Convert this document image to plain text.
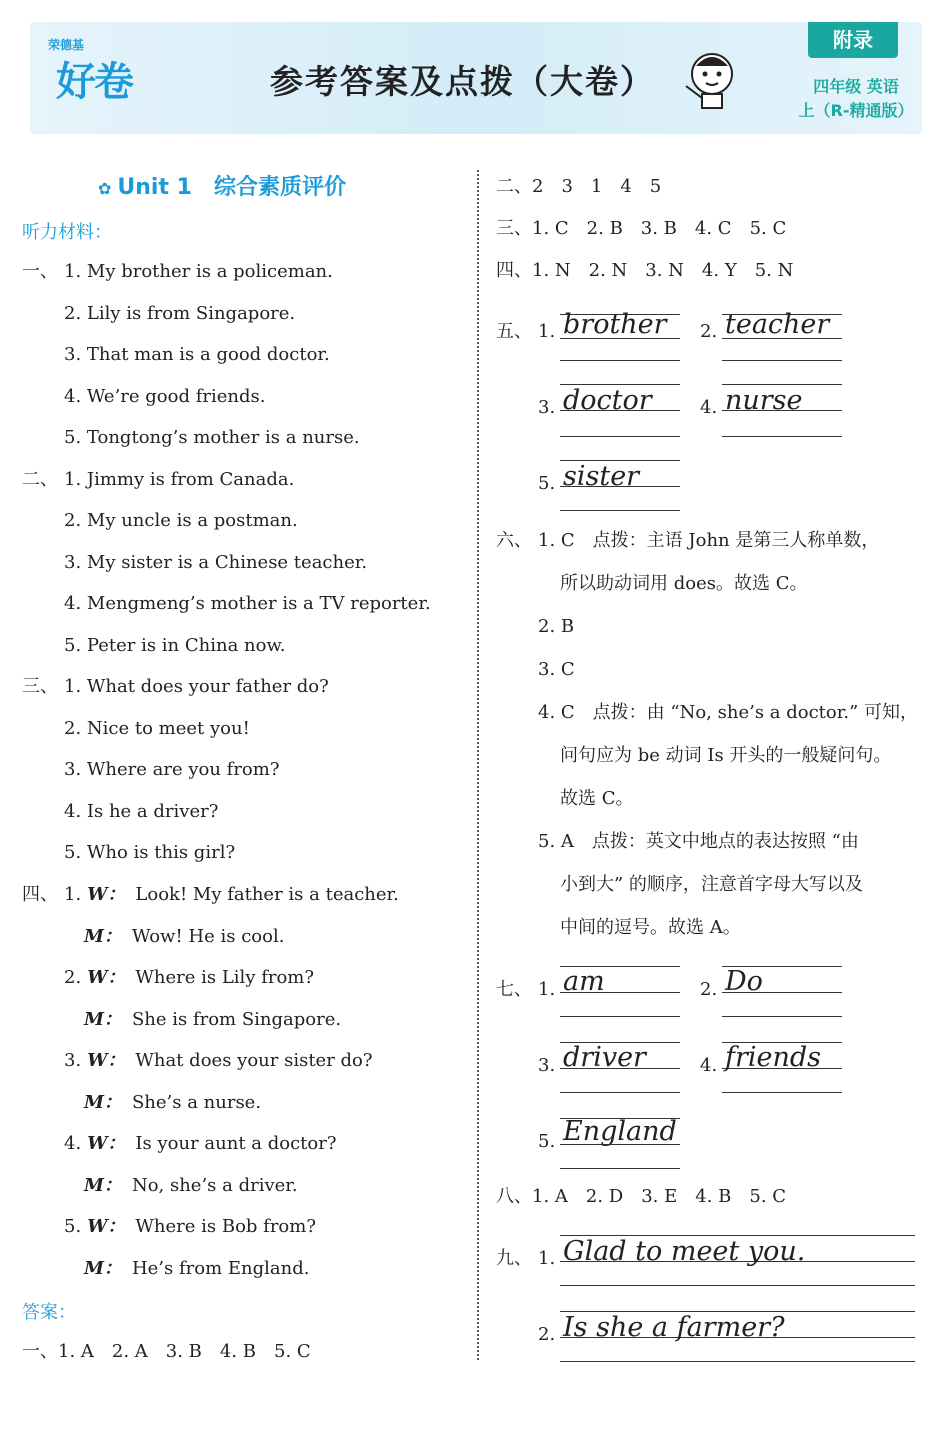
荣德基
好卷	参考答案及点拨（大卷）
附录
四年级 英语
上（R-精通版）
✿ Unit 1　综合素质评价
听力材料：
一、 1. My brother is a policeman.
2. Lily is from Singapore.
3. That man is a good doctor.
4. We’re good friends.
5. Tongtong’s mother is a nurse.
二、 1. Jimmy is from Canada.
2. My uncle is a postman.
3. My sister is a Chinese teacher.
4. Mengmeng’s mother is a TV reporter.
5. Peter is in China now.
三、 1. What does your father do?
2. Nice to meet you!
3. Where are you from?
4. Is he a driver?
5. Who is this girl?
四、 1. W： Look! My father is a teacher.
M： Wow! He is cool.
2. W： Where is Lily from?
M： She is from Singapore.
3. W： What does your sister do?
M： She’s a nurse.
4. W： Is your aunt a doctor?
M： No, she’s a driver.
5. W： Where is Bob from?
M： He’s from England.
答案：
一、1. A　2. A　3. B　4. B　5. C
二、2　3　1　4　5
三、1. C　2. B　3. B　4. C　5. C
四、1. N　2. N　3. N　4. Y　5. N
五、 1. brother 2. teacher
3. doctor	4. nurse
5. sister
六、 1. C　点拨：主语 John 是第三人称单数，
所以助动词用 does。故选 C。
2. B
3. C
4. C　点拨：由 “No, she’s a doctor.” 可知，
问句应为 be 动词 Is 开头的一般疑问句。
故选 C。
5. A　点拨：英文中地点的表达按照 “由
小到大” 的顺序，注意首字母大写以及
中间的逗号。故选 A。
七、 1. am	2. Do
3. driver	4. friends
5. England
八、1. A　2. D　3. E　4. B　5. C
九、 1. Glad to meet you.
2. Is she a farmer?
